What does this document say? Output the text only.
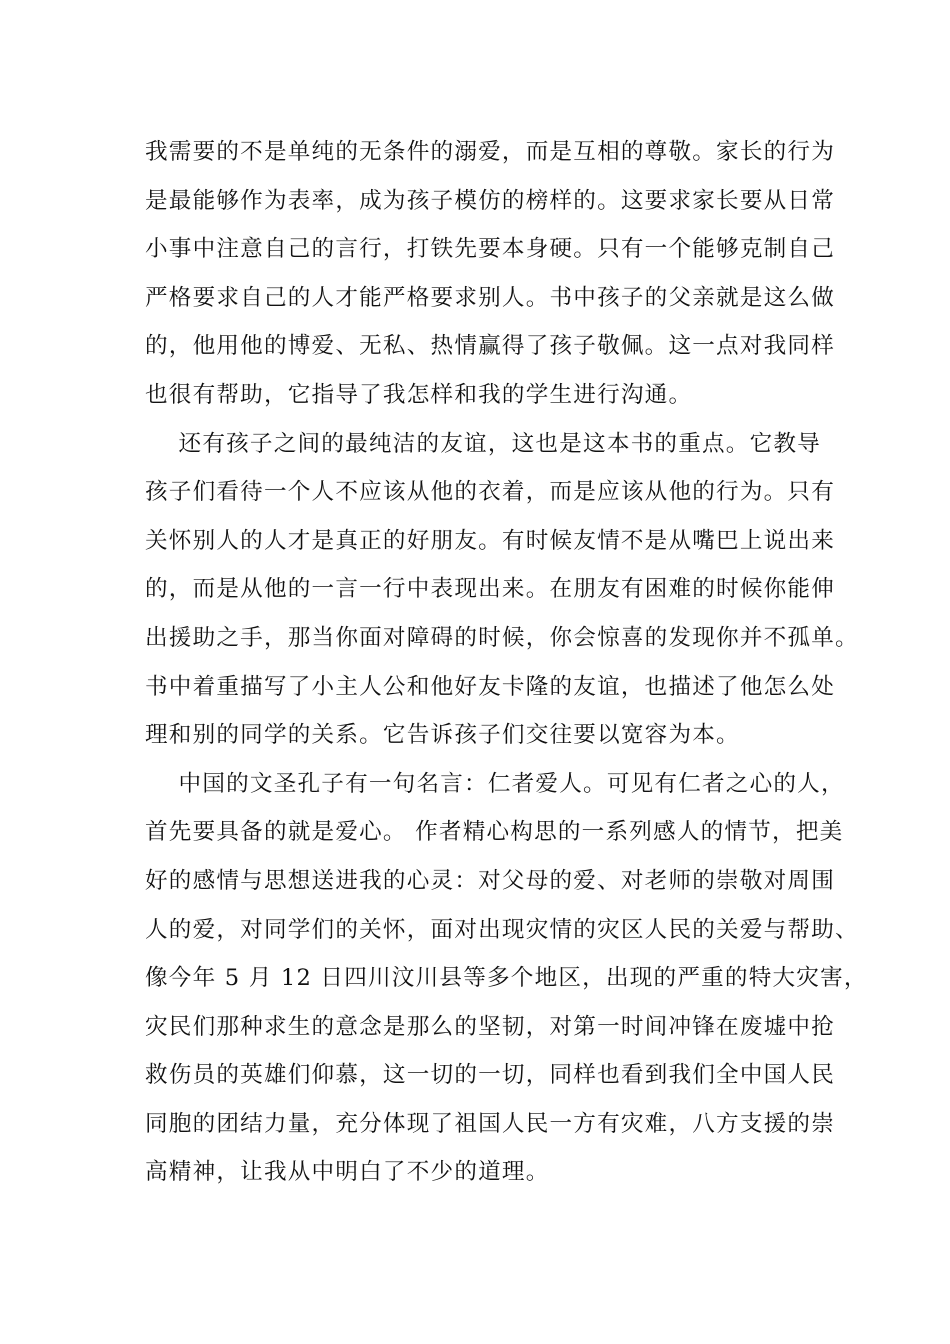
我需要的不是单纯的无条件的溺爱，而是互相的尊敬。家长的行为
是最能够作为表率，成为孩子模仿的榜样的。这要求家长要从日常
小事中注意自己的言行，打铁先要本身硬。只有一个能够克制自己
严格要求自己的人才能严格要求别人。书中孩子的父亲就是这么做
的，他用他的博爱、无私、热情赢得了孩子敬佩。这一点对我同样
也很有帮助，它指导了我怎样和我的学生进行沟通。
还有孩子之间的最纯洁的友谊，这也是这本书的重点。它教导
孩子们看待一个人不应该从他的衣着，而是应该从他的行为。只有
关怀别人的人才是真正的好朋友。有时候友情不是从嘴巴上说出来
的，而是从他的一言一行中表现出来。在朋友有困难的时候你能伸
出援助之手，那当你面对障碍的时候，你会惊喜的发现你并不孤单。
书中着重描写了小主人公和他好友卡隆的友谊，也描述了他怎么处
理和别的同学的关系。它告诉孩子们交往要以宽容为本。
中国的文圣孔子有一句名言：仁者爱人。可见有仁者之心的人，
首先要具备的就是爱心。 作者精心构思的一系列感人的情节，把美
好的感情与思想送进我的心灵：对父母的爱、对老师的崇敬对周围
人的爱，对同学们的关怀，面对出现灾情的灾区人民的关爱与帮助、
像今年 5 月 12 日四川汶川县等多个地区，出现的严重的特大灾害，
灾民们那种求生的意念是那么的坚韧，对第一时间冲锋在废墟中抢
救伤员的英雄们仰慕，这一切的一切，同样也看到我们全中国人民
同胞的团结力量，充分体现了祖国人民一方有灾难，八方支援的崇
高精神，让我从中明白了不少的道理。
